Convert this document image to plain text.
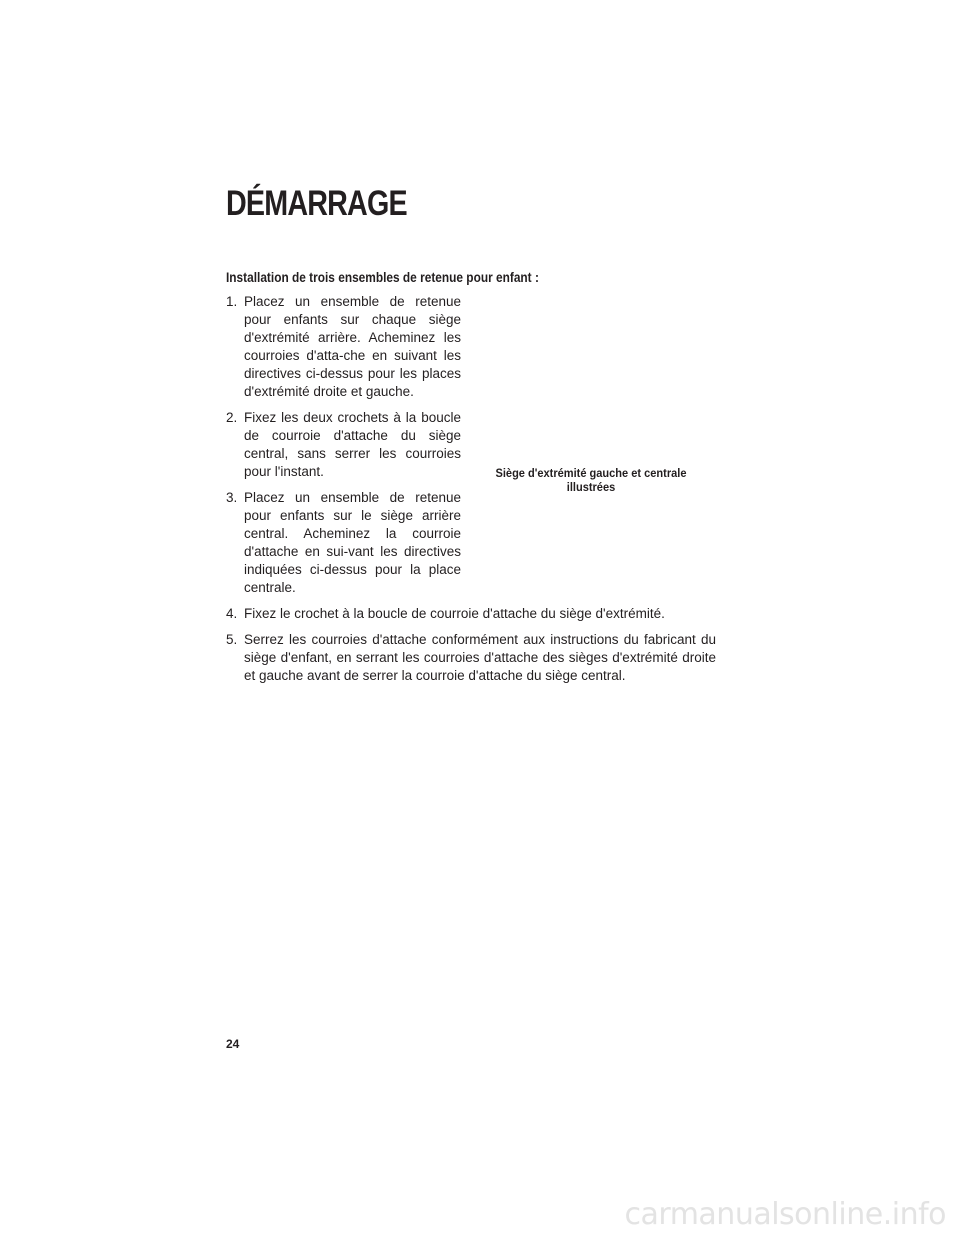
DÉMARRAGE

Installation de trois ensembles de retenue pour enfant :

1. Placez un ensemble de retenue pour enfants sur chaque siège d'extrémité arrière. Acheminez les courroies d'atta-che en suivant les directives ci-dessus pour les places d'extrémité droite et gauche.
2. Fixez les deux crochets à la boucle de courroie d'attache du siège central, sans serrer les courroies pour l'instant.
3. Placez un ensemble de retenue pour enfants sur le siège arrière central. Acheminez la courroie d'attache en sui-vant les directives indiquées ci-dessus pour la place centrale.
4. Fixez le crochet à la boucle de courroie d'attache du siège d'extrémité.
5. Serrez les courroies d'attache conformément aux instructions du fabricant du siège d'enfant, en serrant les courroies d'attache des sièges d'extrémité droite et gauche avant de serrer la courroie d'attache du siège central.
Siège d'extrémité gauche et centrale illustrées
24
carmanualsonline.info
